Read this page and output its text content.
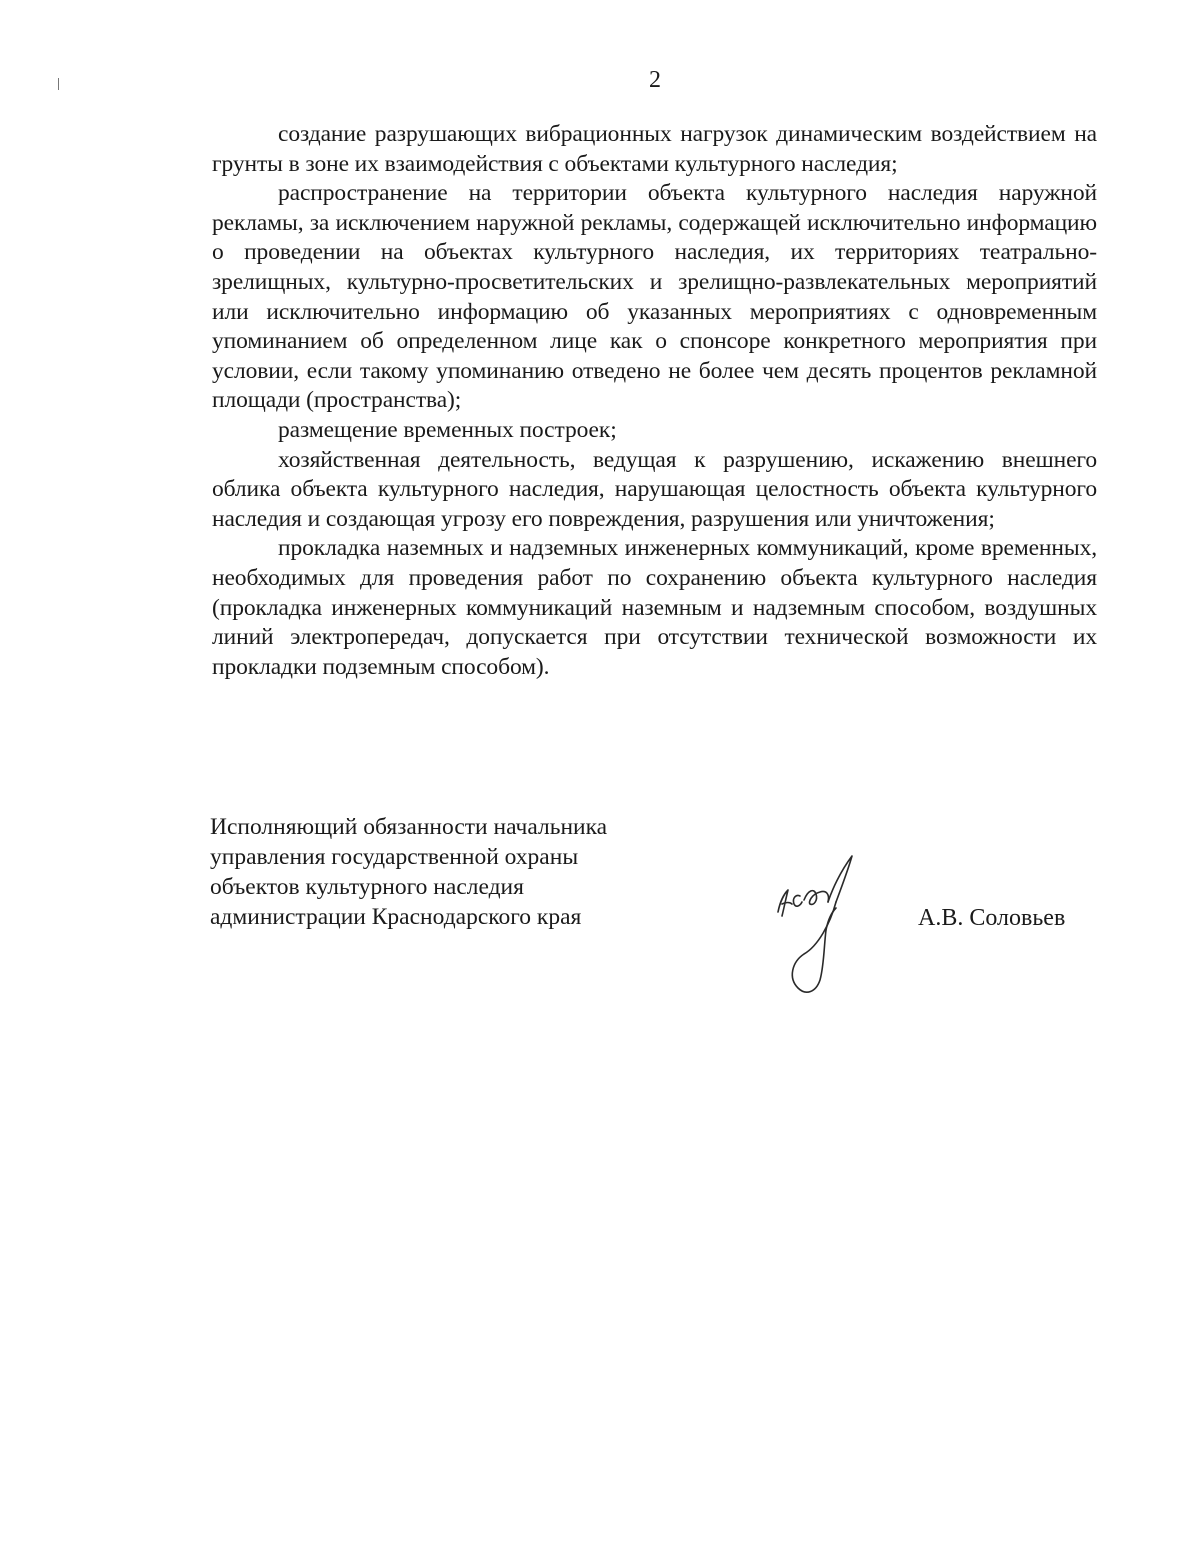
2

создание разрушающих вибрационных нагрузок динамическим воздействием на грунты в зоне их взаимодействия с объектами культурного наследия;

распространение на территории объекта культурного наследия наружной рекламы, за исключением наружной рекламы, содержащей исключительно информацию о проведении на объектах культурного наследия, их территориях театрально-зрелищных, культурно-просветительских и зрелищно-развлекательных мероприятий или исключительно информацию об указанных мероприятиях с одновременным упоминанием об определенном лице как о спонсоре конкретного мероприятия при условии, если такому упоминанию отведено не более чем десять процентов рекламной площади (пространства);

размещение временных построек;

хозяйственная деятельность, ведущая к разрушению, искажению внешнего облика объекта культурного наследия, нарушающая целостность объекта культурного наследия и создающая угрозу его повреждения, разрушения или уничтожения;

прокладка наземных и надземных инженерных коммуникаций, кроме временных, необходимых для проведения работ по сохранению объекта культурного наследия (прокладка инженерных коммуникаций наземным и надземным способом, воздушных линий электропередач, допускается при отсутствии технической возможности их прокладки подземным способом).

Исполняющий обязанности начальника
управления государственной охраны
объектов культурного наследия
администрации Краснодарского края	А.В. Соловьев
